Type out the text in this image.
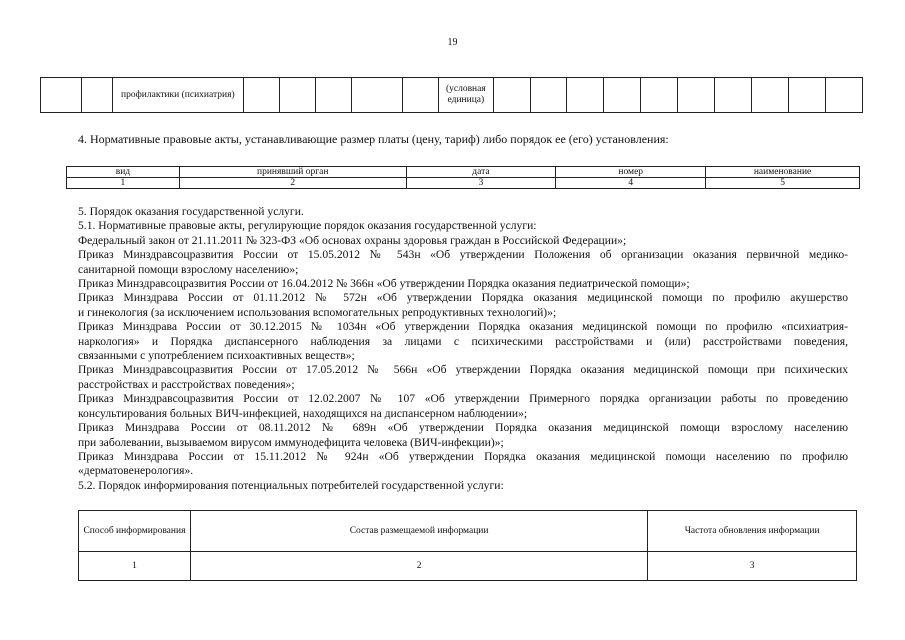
19
		профилактики (психиатрия)						(условная единица)										
4. Нормативные правовые акты, устанавливающие размер платы (цену, тариф) либо порядок ее (его) установления:
вид	принявший орган	дата	номер	наименование
1	2	3	4	5
5. Порядок оказания государственной услуги.
5.1. Нормативные правовые акты, регулирующие порядок оказания государственной услуги:
Федеральный закон от 21.11.2011 № 323-ФЗ «Об основах охраны здоровья граждан в Российской Федерации»;
Приказ Минздравсоцразвития России от 15.05.2012 № 543н «Об утверждении Положения об организации оказания первичной медико-
санитарной помощи взрослому населению»;
Приказ Минздравсоцразвития России от 16.04.2012 № 366н «Об утверждении Порядка оказания педиатрической помощи»;
Приказ Минздрава России от 01.11.2012 № 572н «Об утверждении Порядка оказания медицинской помощи по профилю акушерство
и гинекология (за исключением использования вспомогательных репродуктивных технологий)»;
Приказ Минздрава России от 30.12.2015 № 1034н «Об утверждении Порядка оказания медицинской помощи по профилю «психиатрия-
наркология» и Порядка диспансерного наблюдения за лицами с психическими расстройствами и (или) расстройствами поведения,
связанными с употреблением психоактивных веществ»;
Приказ Минздравсоцразвития России от 17.05.2012 № 566н «Об утверждении Порядка оказания медицинской помощи при психических
расстройствах и расстройствах поведения»;
Приказ Минздравсоцразвития России от 12.02.2007 № 107 «Об утверждении Примерного порядка организации работы по проведению
консультирования больных ВИЧ-инфекцией, находящихся на диспансерном наблюдении»;
Приказ Минздрава России от 08.11.2012 № 689н «Об утверждении Порядка оказания медицинской помощи взрослому населению
при заболевании, вызываемом вирусом иммунодефицита человека (ВИЧ-инфекции)»;
Приказ Минздрава России от 15.11.2012 № 924н «Об утверждении Порядка оказания медицинской помощи населению по профилю
«дерматовенерология».
5.2. Порядок информирования потенциальных потребителей государственной услуги:
Способ информирования	Состав размещаемой информации	Частота обновления информации
1	2	3
